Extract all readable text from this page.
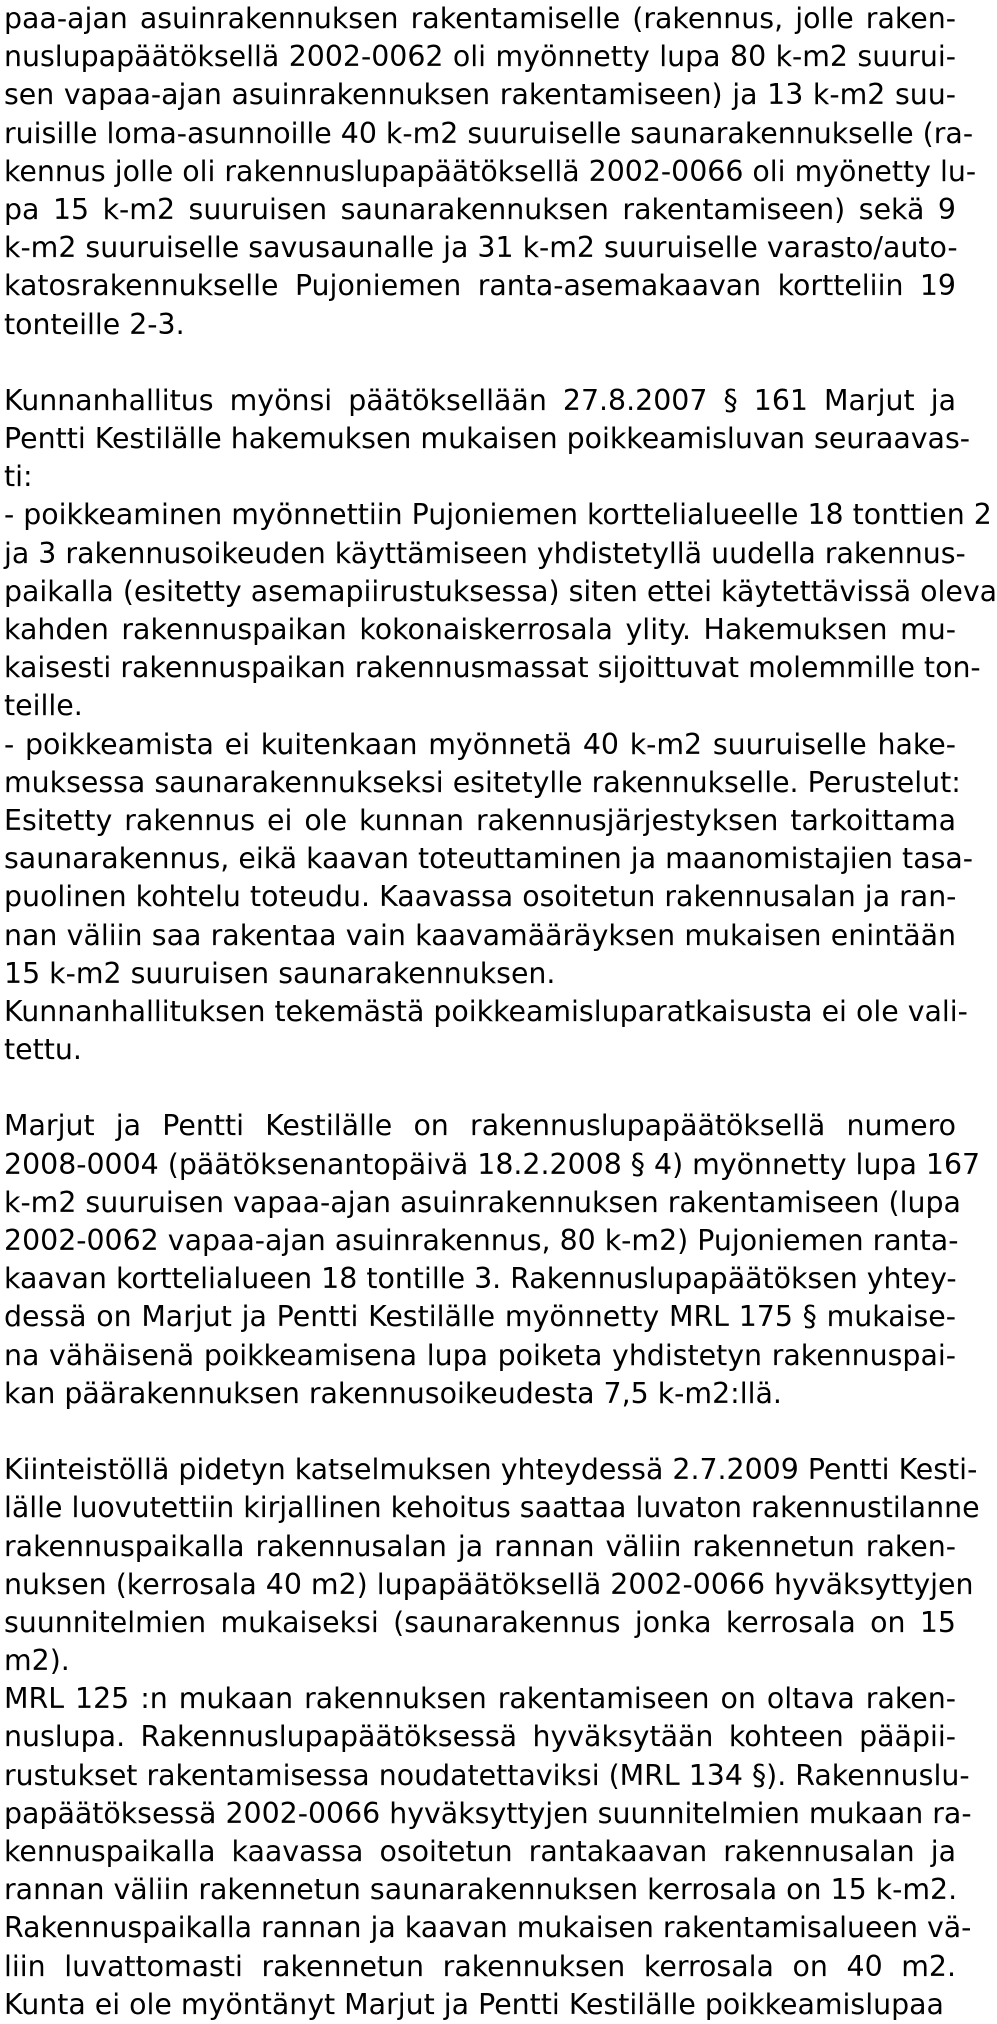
paa-ajan asuinrakennuksen rakentamiselle (rakennus, jolle raken-
nuslupapäätöksellä 2002-0062 oli myönnetty lupa 80 k-m2 suurui-
sen vapaa-ajan asuinrakennuksen rakentamiseen) ja 13 k-m2 suu-
ruisille loma-asunnoille 40 k-m2 suuruiselle saunarakennukselle (ra-
kennus jolle oli rakennuslupapäätöksellä 2002-0066 oli myönetty lu-
pa 15 k-m2 suuruisen saunarakennuksen rakentamiseen) sekä 9
k-m2 suuruiselle savusaunalle ja 31 k-m2 suuruiselle varasto/auto-
katosrakennukselle Pujoniemen ranta-asemakaavan kortteliin 19
tonteille 2-3.
Kunnanhallitus myönsi päätöksellään 27.8.2007 § 161 Marjut ja
Pentti Kestilälle hakemuksen mukaisen poikkeamisluvan seuraavas-
ti:
- poikkeaminen myönnettiin Pujoniemen korttelialueelle 18 tonttien 2
ja 3 rakennusoikeuden käyttämiseen yhdistetyllä uudella rakennus-
paikalla (esitetty asemapiirustuksessa) siten ettei käytettävissä oleva
kahden rakennuspaikan kokonaiskerrosala ylity. Hakemuksen mu-
kaisesti rakennuspaikan rakennusmassat sijoittuvat molemmille ton-
teille.
- poikkeamista ei kuitenkaan myönnetä 40 k-m2 suuruiselle hake-
muksessa saunarakennukseksi esitetylle rakennukselle. Perustelut:
Esitetty rakennus ei ole kunnan rakennusjärjestyksen tarkoittama
saunarakennus, eikä kaavan toteuttaminen ja maanomistajien tasa-
puolinen kohtelu toteudu. Kaavassa osoitetun rakennusalan ja ran-
nan väliin saa rakentaa vain kaavamääräyksen mukaisen enintään
15 k-m2 suuruisen saunarakennuksen.
Kunnanhallituksen tekemästä poikkeamisluparatkaisusta ei ole vali-
tettu.
Marjut ja Pentti Kestilälle on rakennuslupapäätöksellä numero
2008-0004 (päätöksenantopäivä 18.2.2008 § 4) myönnetty lupa 167
k-m2 suuruisen vapaa-ajan asuinrakennuksen rakentamiseen (lupa
2002-0062 vapaa-ajan asuinrakennus, 80 k-m2) Pujoniemen ranta-
kaavan korttelialueen 18 tontille 3. Rakennuslupapäätöksen yhtey-
dessä on Marjut ja Pentti Kestilälle myönnetty MRL 175 § mukaise-
na vähäisenä poikkeamisena lupa poiketa yhdistetyn rakennuspai-
kan päärakennuksen rakennusoikeudesta 7,5 k-m2:llä.
Kiinteistöllä pidetyn katselmuksen yhteydessä 2.7.2009 Pentti Kesti-
lälle luovutettiin kirjallinen kehoitus saattaa luvaton rakennustilanne
rakennuspaikalla rakennusalan ja rannan väliin rakennetun raken-
nuksen (kerrosala 40 m2) lupapäätöksellä 2002-0066 hyväksyttyjen
suunnitelmien mukaiseksi (saunarakennus jonka kerrosala on 15
m2).
MRL 125 :n mukaan rakennuksen rakentamiseen on oltava raken-
nuslupa. Rakennuslupapäätöksessä hyväksytään kohteen pääpii-
rustukset rakentamisessa noudatettaviksi (MRL 134 §). Rakennuslu-
papäätöksessä 2002-0066 hyväksyttyjen suunnitelmien mukaan ra-
kennuspaikalla kaavassa osoitetun rantakaavan rakennusalan ja
rannan väliin rakennetun saunarakennuksen kerrosala on 15 k-m2.
Rakennuspaikalla rannan ja kaavan mukaisen rakentamisalueen vä-
liin luvattomasti rakennetun rakennuksen kerrosala on 40 m2.
Kunta ei ole myöntänyt Marjut ja Pentti Kestilälle poikkeamislupaa
